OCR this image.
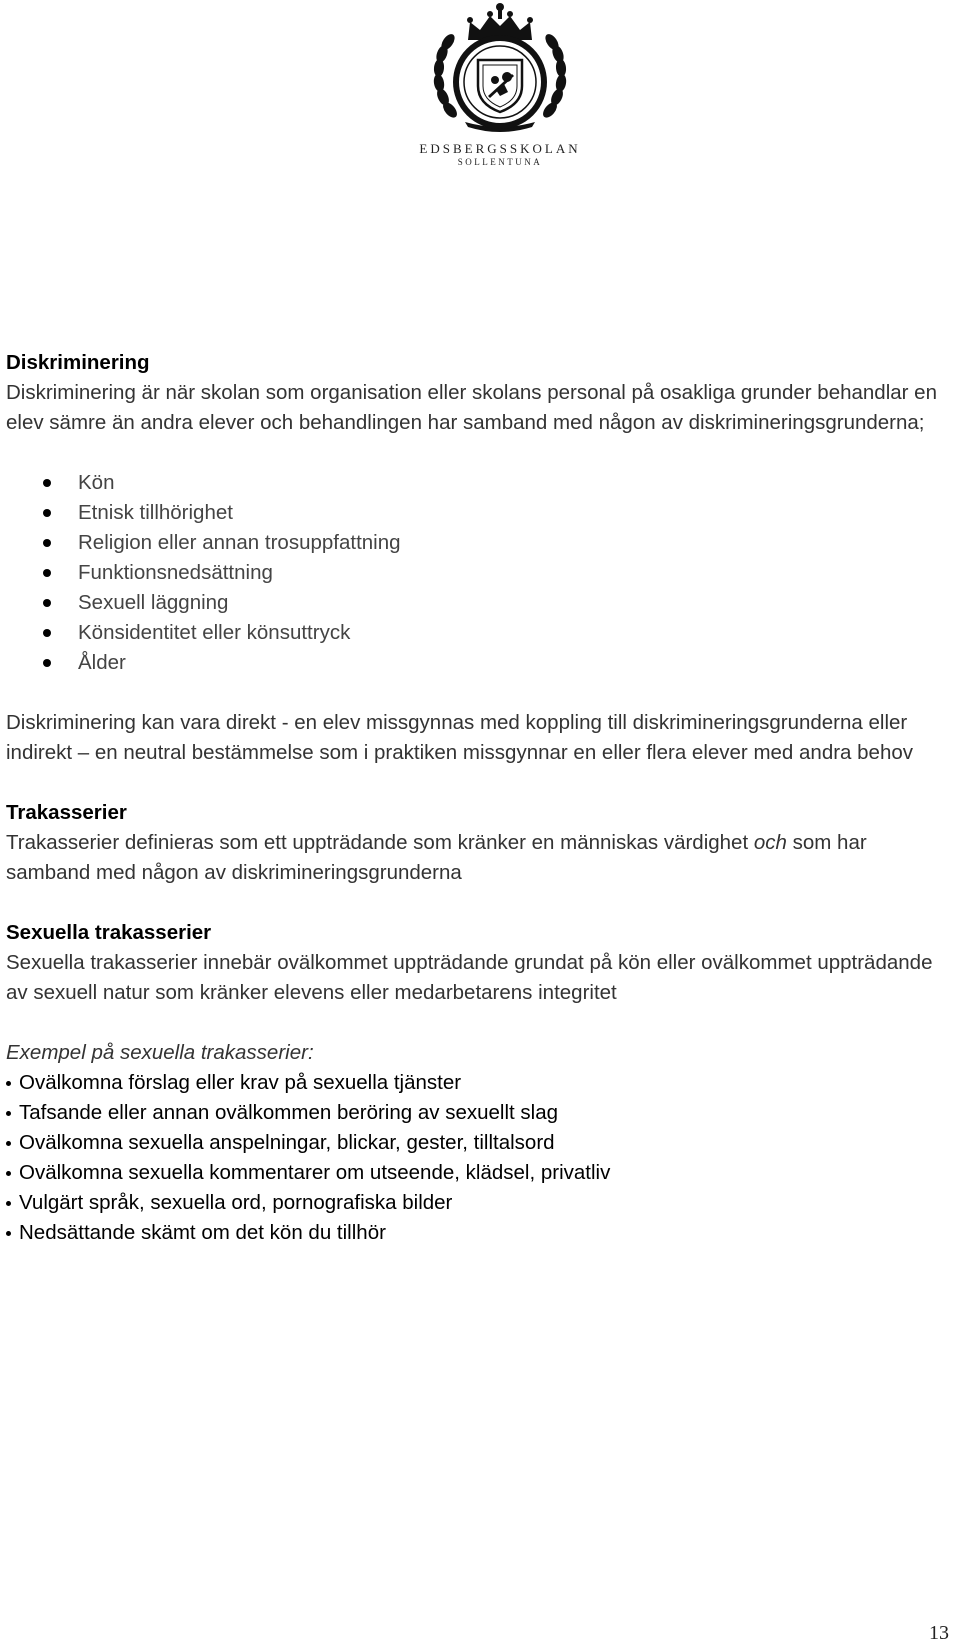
EDSBERGSSKOLAN
SOLLENTUNA

Diskriminering

Diskriminering är när skolan som organisation eller skolans personal på osakliga grunder behandlar en elev sämre än andra elever och behandlingen har samband med någon av diskrimineringsgrunderna;

Kön
Etnisk tillhörighet
Religion eller annan trosuppfattning
Funktionsnedsättning
Sexuell läggning
Könsidentitet eller könsuttryck
Ålder

Diskriminering kan vara direkt - en elev missgynnas med koppling till diskrimineringsgrunderna eller indirekt – en neutral bestämmelse som i praktiken missgynnar en eller flera elever med andra behov

Trakasserier

Trakasserier definieras som ett uppträdande som kränker en människas värdighet och som har samband med någon av diskrimineringsgrunderna

Sexuella trakasserier

Sexuella trakasserier innebär ovälkommet uppträdande grundat på kön eller ovälkommet uppträdande av sexuell natur som kränker elevens eller medarbetarens integritet

Exempel på sexuella trakasserier:

Ovälkomna förslag eller krav på sexuella tjänster
Tafsande eller annan ovälkommen beröring av sexuellt slag
Ovälkomna sexuella anspelningar, blickar, gester, tilltalsord
Ovälkomna sexuella kommentarer om utseende, klädsel, privatliv
Vulgärt språk, sexuella ord, pornografiska bilder
Nedsättande skämt om det kön du tillhör
13
